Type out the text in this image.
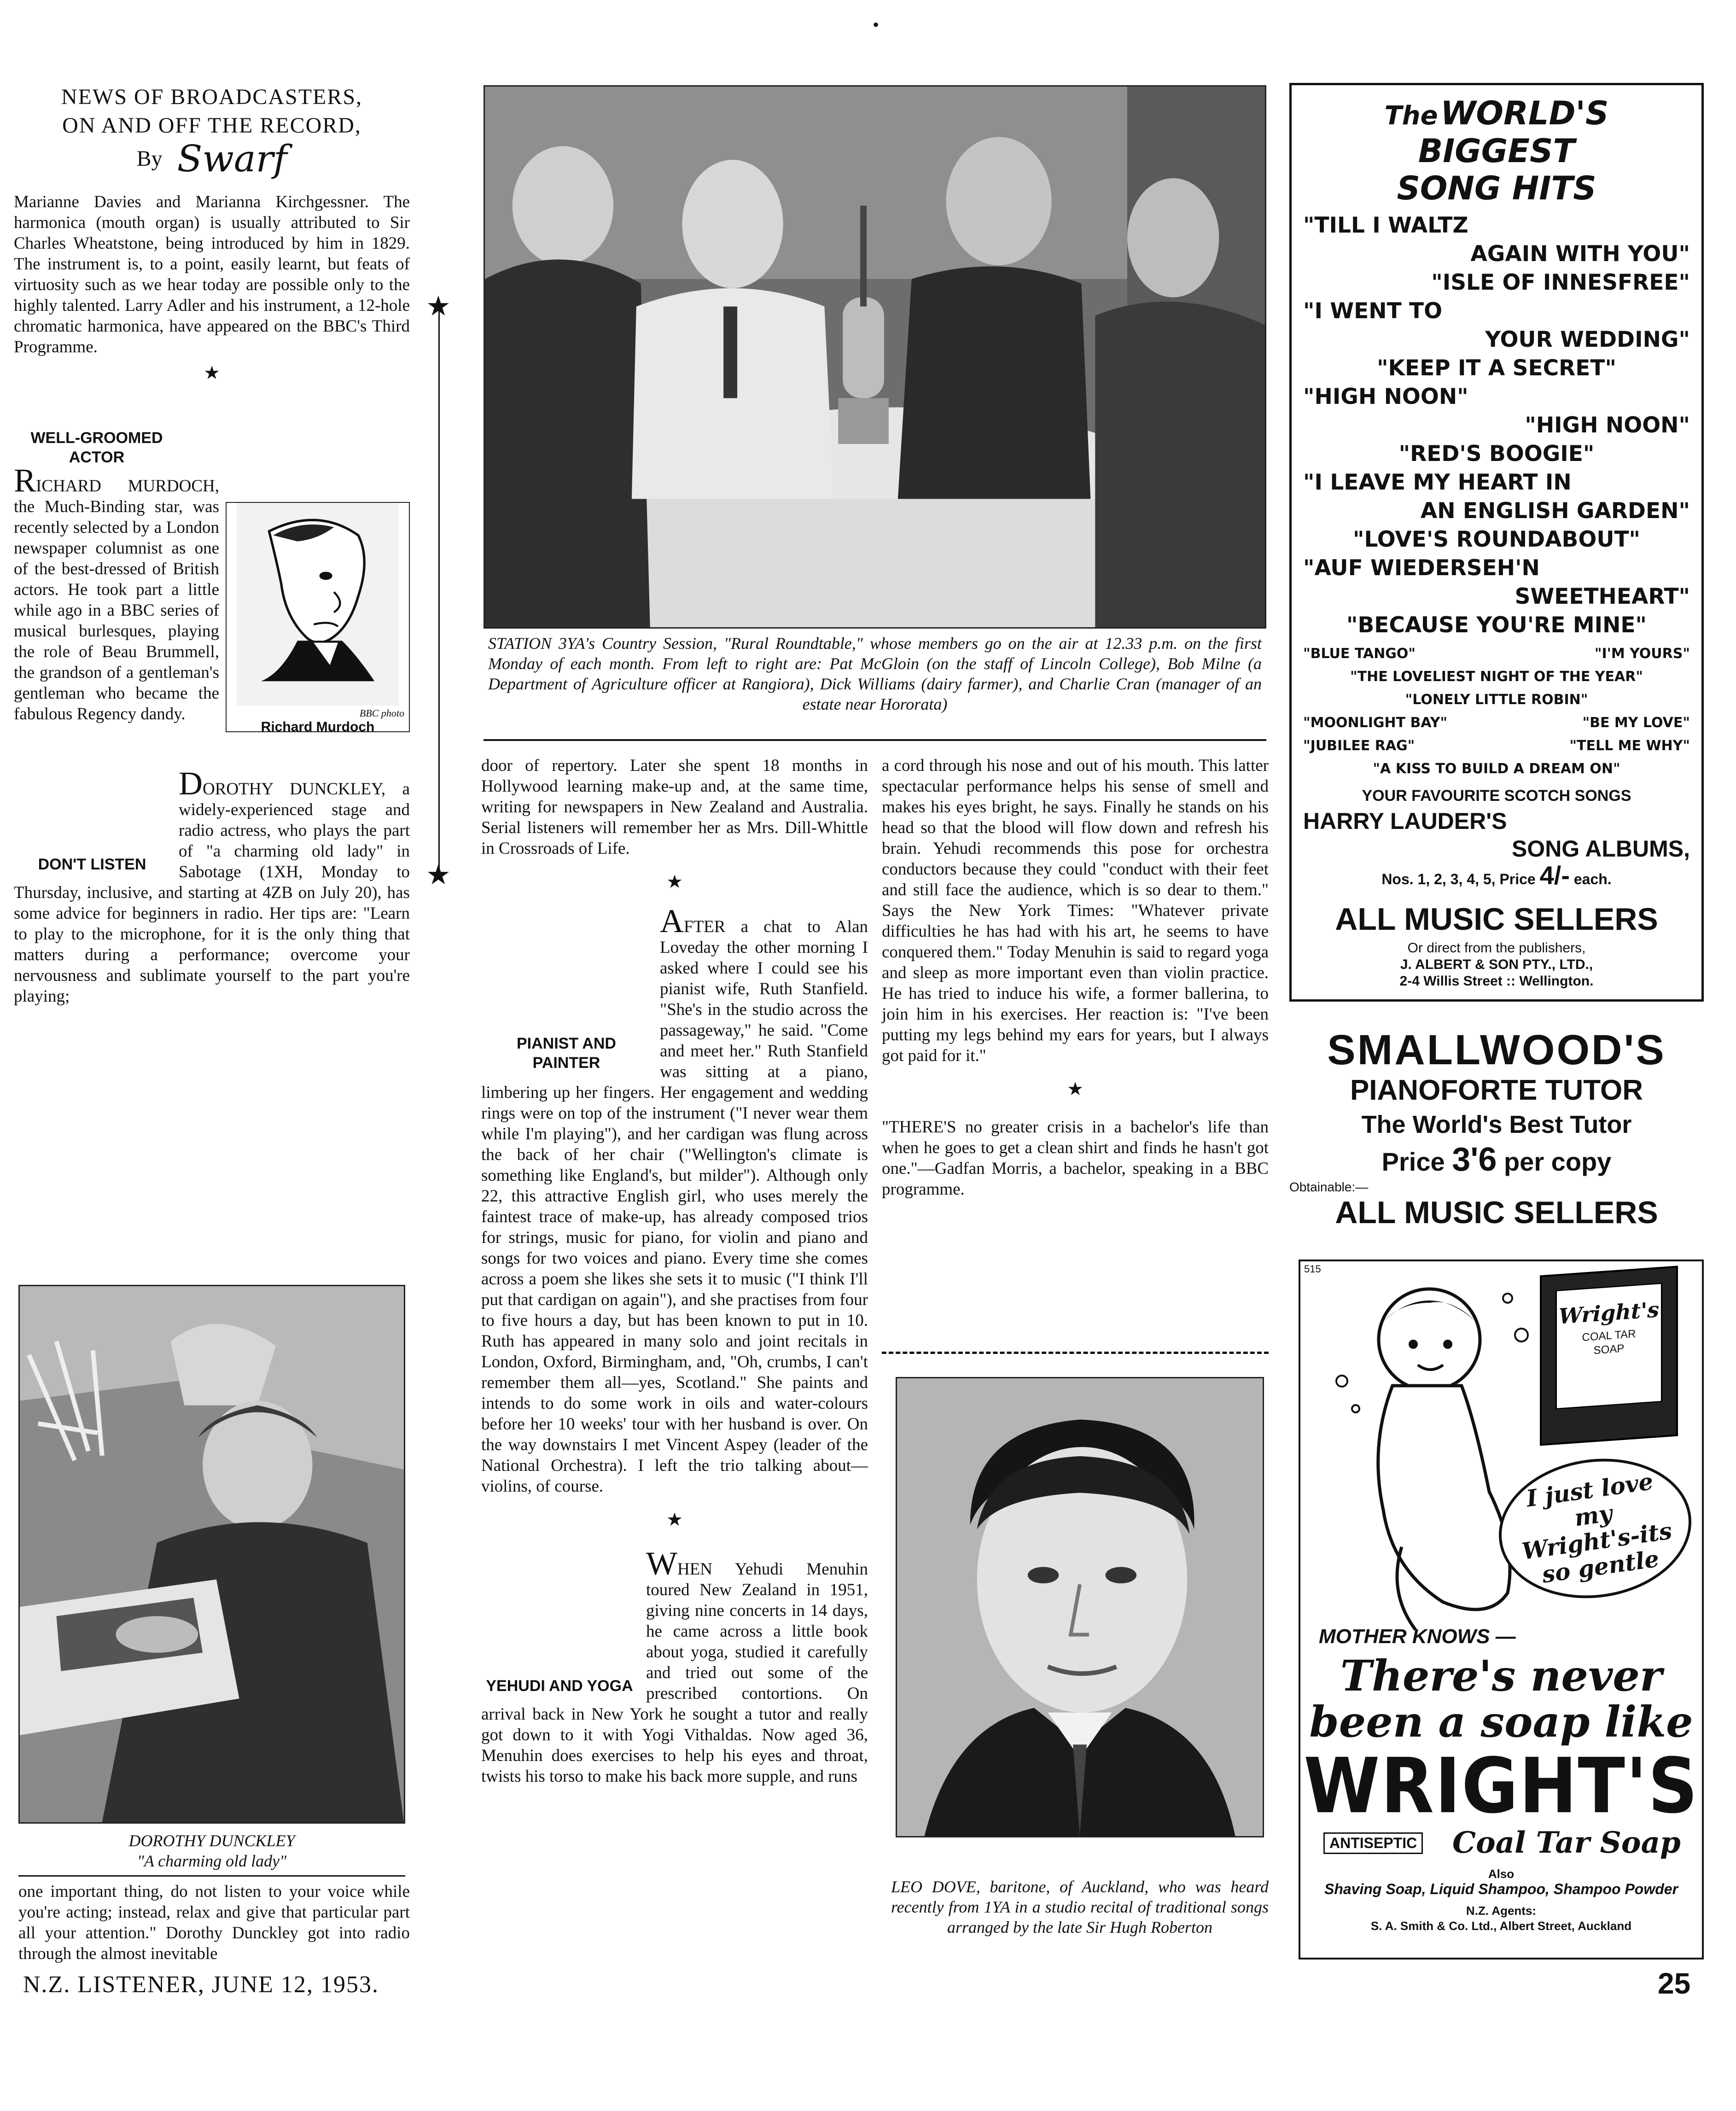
•
NEWS OF BROADCASTERS,
ON AND OFF THE RECORD,
By Swarf

Marianne Davies and Marianna Kirchgessner. The harmonica (mouth organ) is usually attributed to Sir Charles Wheatstone, being introduced by him in 1829. The instrument is, to a point, easily learnt, but feats of virtuosity such as we hear today are possible only to the highly talented. Larry Adler and his instrument, a 12-hole chromatic harmonica, have appeared on the BBC's Third Programme.

★
WELL-GROOMED ACTOR
BBC photo
Richard Murdoch

RICHARD MURDOCH, the Much-Binding star, was recently selected by a London newspaper columnist as one of the best-dressed of British actors. He took part a little while ago in a BBC series of musical burlesques, playing the role of Beau Brummell, the grandson of a gentleman's gentleman who became the fabulous Regency dandy.

DON'T LISTEN

DOROTHY DUNCKLEY, a widely-experienced stage and radio actress, who plays the part of "a charming old lady" in Sabotage (1XH, Monday to Thursday, inclusive, and starting at 4ZB on July 20), has some advice for beginners in radio. Her tips are: "Learn to play to the microphone, for it is the only thing that matters during a performance; overcome your nervousness and sublimate yourself to the part you're playing;

DOROTHY DUNCKLEY
"A charming old lady"

one important thing, do not listen to your voice while you're acting; instead, relax and give that particular part all your attention." Dorothy Dunckley got into radio through the almost inevitable

★
★
STATION 3YA's Country Session, "Rural Roundtable," whose members go on the air at 12.33 p.m. on the first Monday of each month. From left to right are: Pat McGloin (on the staff of Lincoln College), Bob Milne (a Department of Agriculture officer at Rangiora), Dick Williams (dairy farmer), and Charlie Cran (manager of an estate near Hororata)

door of repertory. Later she spent 18 months in Hollywood learning make-up and, at the same time, writing for newspapers in New Zealand and Australia. Serial listeners will remember her as Mrs. Dill-Whittle in Crossroads of Life.

★
PIANIST AND PAINTER

AFTER a chat to Alan Loveday the other morning I asked where I could see his pianist wife, Ruth Stanfield. "She's in the studio across the passageway," he said. "Come and meet her." Ruth Stanfield was sitting at a piano, limbering up her fingers. Her engagement and wedding rings were on top of the instrument ("I never wear them while I'm playing"), and her cardigan was flung across the back of her chair ("Wellington's climate is something like England's, but milder"). Although only 22, this attractive English girl, who uses merely the faintest trace of make-up, has already composed trios for strings, music for piano, for violin and piano and songs for two voices and piano. Every time she comes across a poem she likes she sets it to music ("I think I'll put that cardigan on again"), and she practises from four to five hours a day, but has been known to put in 10. Ruth has appeared in many solo and joint recitals in London, Oxford, Birmingham, and, "Oh, crumbs, I can't remember them all—yes, Scotland." She paints and intends to do some work in oils and water-colours before her 10 weeks' tour with her husband is over. On the way downstairs I met Vincent Aspey (leader of the National Orchestra). I left the trio talking about—violins, of course.

★
YEHUDI AND YOGA

WHEN Yehudi Menuhin toured New Zealand in 1951, giving nine concerts in 14 days, he came across a little book about yoga, studied it carefully and tried out some of the prescribed contortions. On arrival back in New York he sought a tutor and really got down to it with Yogi Vithaldas. Now aged 36, Menuhin does exercises to help his eyes and throat, twists his torso to make his back more supple, and runs

a cord through his nose and out of his mouth. This latter spectacular performance helps his sense of smell and makes his eyes bright, he says. Finally he stands on his head so that the blood will flow down and refresh his brain. Yehudi recommends this pose for orchestra conductors because they could "conduct with their feet and still face the audience, which is so dear to them." Says the New York Times: "Whatever private difficulties he has had with his art, he seems to have conquered them." Today Menuhin is said to regard yoga and sleep as more important even than violin practice. He has tried to induce his wife, a former ballerina, to join him in his exercises. Her reaction is: "I've been putting my legs behind my ears for years, but I always got paid for it."

★

"THERE'S no greater crisis in a bachelor's life than when he goes to get a clean shirt and finds he hasn't got one."—Gadfan Morris, a bachelor, speaking in a BBC programme.

LEO DOVE, baritone, of Auckland, who was heard recently from 1YA in a studio recital of traditional songs arranged by the late Sir Hugh Roberton
The WORLD'S BIGGEST
SONG HITS
"TILL I WALTZ
AGAIN WITH YOU"
"ISLE OF INNESFREE"
"I WENT TO
YOUR WEDDING"
"KEEP IT A SECRET"
"HIGH NOON"
"HIGH NOON"
"RED'S BOOGIE"
"I LEAVE MY HEART IN
AN ENGLISH GARDEN"
"LOVE'S ROUNDABOUT"
"AUF WIEDERSEH'N
SWEETHEART"
"BECAUSE YOU'RE MINE"
"BLUE TANGO"	"I'M YOURS"
"THE LOVELIEST NIGHT OF THE YEAR"
"LONELY LITTLE ROBIN"
"MOONLIGHT BAY"	"BE MY LOVE"
"JUBILEE RAG"	"TELL ME WHY"
"A KISS TO BUILD A DREAM ON"
YOUR FAVOURITE SCOTCH SONGS
HARRY LAUDER'S
SONG ALBUMS,
Nos. 1, 2, 3, 4, 5, Price 4/- each.
ALL MUSIC SELLERS
Or direct from the publishers,
J. ALBERT & SON PTY., LTD.,
2-4 Willis Street :: Wellington.
SMALLWOOD'S
PIANOFORTE TUTOR
The World's Best Tutor
Price 3'6 per copy
Obtainable:—
ALL MUSIC SELLERS
515
Wright's
COAL TAR
SOAP
I just love my Wright's-its so gentle
MOTHER KNOWS —
There's never
been a soap like
WRIGHT'S
ANTISEPTIC Coal Tar Soap
Also
Shaving Soap, Liquid Shampoo, Shampoo Powder
N.Z. Agents:
S. A. Smith & Co. Ltd., Albert Street, Auckland
N.Z. LISTENER, JUNE 12, 1953.	25
